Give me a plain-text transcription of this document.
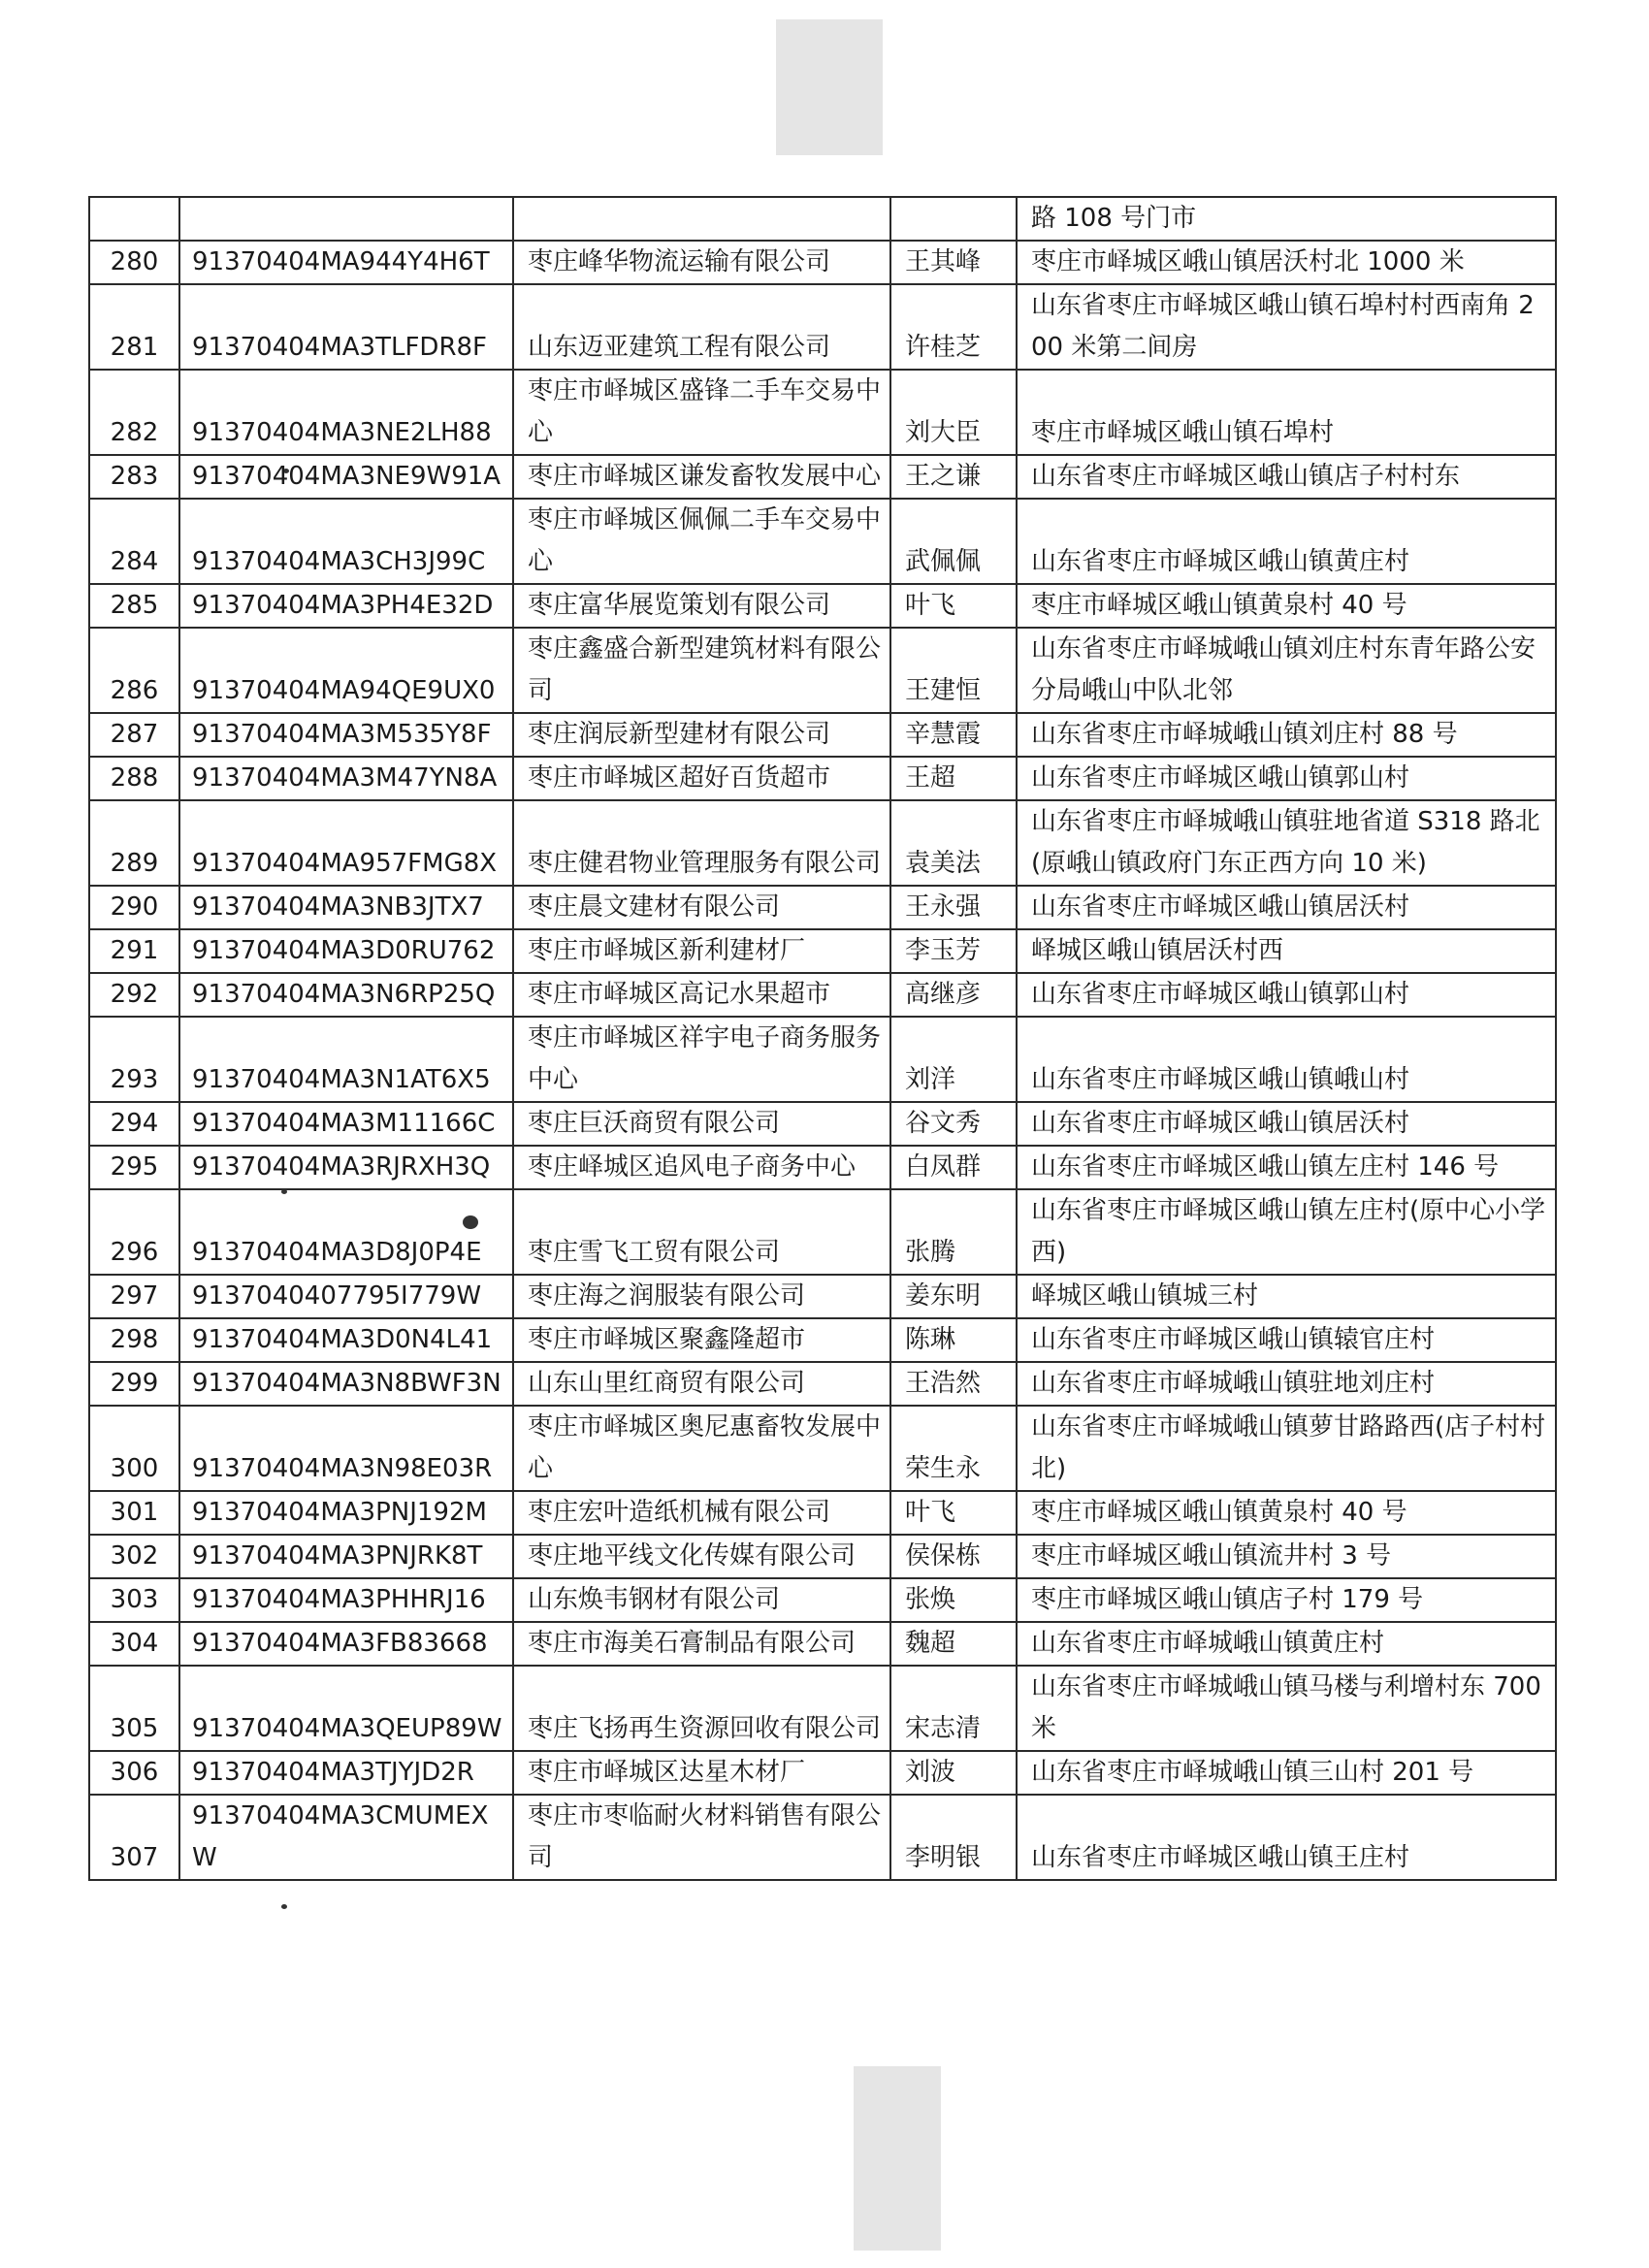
				路 108 号门市
280	91370404MA944Y4H6T	枣庄峰华物流运输有限公司	王其峰	枣庄市峄城区峨山镇居沃村北 1000 米
281	91370404MA3TLFDR8F	山东迈亚建筑工程有限公司	许桂芝	山东省枣庄市峄城区峨山镇石埠村村西南角 200 米第二间房
282	91370404MA3NE2LH88	枣庄市峄城区盛锋二手车交易中心	刘大臣	枣庄市峄城区峨山镇石埠村
283	91370404MA3NE9W91A	枣庄市峄城区谦发畜牧发展中心	王之谦	山东省枣庄市峄城区峨山镇店子村村东
284	91370404MA3CH3J99C	枣庄市峄城区佩佩二手车交易中心	武佩佩	山东省枣庄市峄城区峨山镇黄庄村
285	91370404MA3PH4E32D	枣庄富华展览策划有限公司	叶飞	枣庄市峄城区峨山镇黄泉村 40 号
286	91370404MA94QE9UX0	枣庄鑫盛合新型建筑材料有限公司	王建恒	山东省枣庄市峄城峨山镇刘庄村东青年路公安分局峨山中队北邻
287	91370404MA3M535Y8F	枣庄润辰新型建材有限公司	辛慧霞	山东省枣庄市峄城峨山镇刘庄村 88 号
288	91370404MA3M47YN8A	枣庄市峄城区超好百货超市	王超	山东省枣庄市峄城区峨山镇郭山村
289	91370404MA957FMG8X	枣庄健君物业管理服务有限公司	袁美法	山东省枣庄市峄城峨山镇驻地省道 S318 路北(原峨山镇政府门东正西方向 10 米)
290	91370404MA3NB3JTX7	枣庄晨文建材有限公司	王永强	山东省枣庄市峄城区峨山镇居沃村
291	91370404MA3D0RU762	枣庄市峄城区新利建材厂	李玉芳	峄城区峨山镇居沃村西
292	91370404MA3N6RP25Q	枣庄市峄城区高记水果超市	高继彦	山东省枣庄市峄城区峨山镇郭山村
293	91370404MA3N1AT6X5	枣庄市峄城区祥宇电子商务服务中心	刘洋	山东省枣庄市峄城区峨山镇峨山村
294	91370404MA3M11166C	枣庄巨沃商贸有限公司	谷文秀	山东省枣庄市峄城区峨山镇居沃村
295	91370404MA3RJRXH3Q	枣庄峄城区追风电子商务中心	白凤群	山东省枣庄市峄城区峨山镇左庄村 146 号
296	91370404MA3D8J0P4E	枣庄雪飞工贸有限公司	张腾	山东省枣庄市峄城区峨山镇左庄村(原中心小学西)
297	9137040407795I779W	枣庄海之润服装有限公司	姜东明	峄城区峨山镇城三村
298	91370404MA3D0N4L41	枣庄市峄城区聚鑫隆超市	陈琳	山东省枣庄市峄城区峨山镇辕官庄村
299	91370404MA3N8BWF3N	山东山里红商贸有限公司	王浩然	山东省枣庄市峄城峨山镇驻地刘庄村
300	91370404MA3N98E03R	枣庄市峄城区奥尼惠畜牧发展中心	荣生永	山东省枣庄市峄城峨山镇萝甘路路西(店子村村北)
301	91370404MA3PNJ192M	枣庄宏叶造纸机械有限公司	叶飞	枣庄市峄城区峨山镇黄泉村 40 号
302	91370404MA3PNJRK8T	枣庄地平线文化传媒有限公司	侯保栋	枣庄市峄城区峨山镇流井村 3 号
303	91370404MA3PHHRJ16	山东焕韦钢材有限公司	张焕	枣庄市峄城区峨山镇店子村 179 号
304	91370404MA3FB83668	枣庄市海美石膏制品有限公司	魏超	山东省枣庄市峄城峨山镇黄庄村
305	91370404MA3QEUP89W	枣庄飞扬再生资源回收有限公司	宋志清	山东省枣庄市峄城峨山镇马楼与利增村东 700 米
306	91370404MA3TJYJD2R	枣庄市峄城区达星木材厂	刘波	山东省枣庄市峄城峨山镇三山村 201 号
307	91370404MA3CMUMEXW	枣庄市枣临耐火材料销售有限公司	李明银	山东省枣庄市峄城区峨山镇王庄村
